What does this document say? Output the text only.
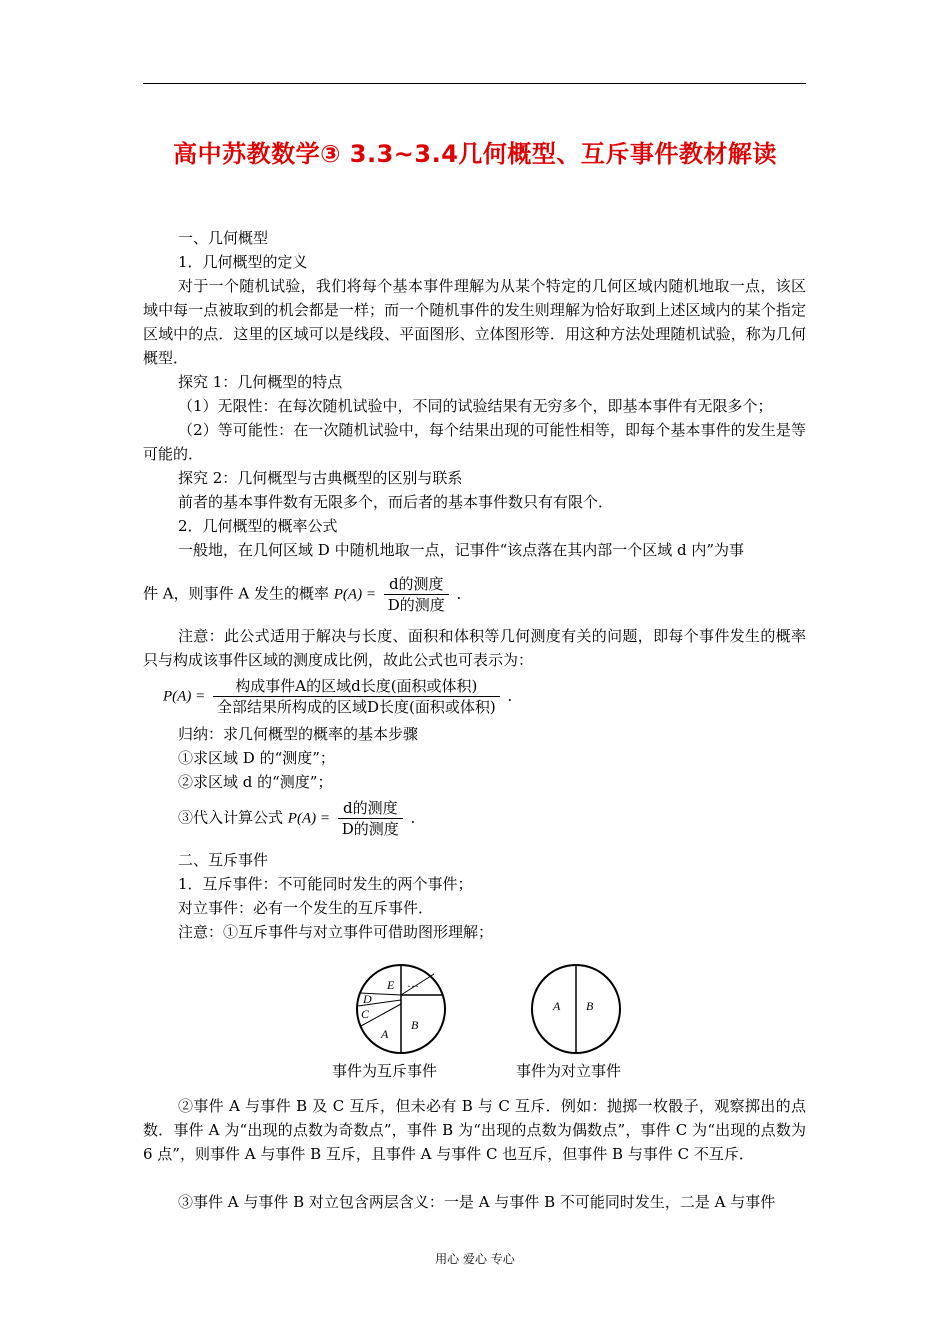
高中苏教数学③ 3.3~3.4几何概型、互斥事件教材解读
一、几何概型
1．几何概型的定义
对于一个随机试验，我们将每个基本事件理解为从某个特定的几何区域内随机地取一点，该区域中每一点被取到的机会都是一样；而一个随机事件的发生则理解为恰好取到上述区域内的某个指定区域中的点．这里的区域可以是线段、平面图形、立体图形等．用这种方法处理随机试验，称为几何概型．
探究 1：几何概型的特点
（1）无限性：在每次随机试验中，不同的试验结果有无穷多个，即基本事件有无限多个；
（2）等可能性：在一次随机试验中，每个结果出现的可能性相等，即每个基本事件的发生是等可能的．
探究 2：几何概型与古典概型的区别与联系
前者的基本事件数有无限多个，而后者的基本事件数只有有限个．
2．几何概型的概率公式
一般地，在几何区域 D 中随机地取一点，记事件“该点落在其内部一个区域 d 内”为事
件 A，则事件 A 发生的概率 $P(A) = \frac{\text{d的测度}}{\text{D的测度}}$ ．
注意：此公式适用于解决与长度、面积和体积等几何测度有关的问题，即每个事件发生的概率只与构成该事件区域的测度成比例，故此公式也可表示为：
$P(A) = \frac{\text{构成事件A的区域d长度(面积或体积)}}{\text{全部结果所构成的区域D长度(面积或体积)}}$ ．
归纳：求几何概型的概率的基本步骤
①求区域 D 的“测度”；
②求区域 d 的“测度”；
③代入计算公式 $P(A) = \frac{\text{d的测度}}{\text{D的测度}}$ ．
二、互斥事件
1．互斥事件：不可能同时发生的两个事件；
对立事件：必有一个发生的互斥事件．
注意：①互斥事件与对立事件可借助图形理解；
E …
D
C
A
B
A B
事件为互斥事件	事件为对立事件
②事件 A 与事件 B 及 C 互斥，但未必有 B 与 C 互斥．例如：抛掷一枚骰子，观察掷出的点数．事件 A 为“出现的点数为奇数点”，事件 B 为“出现的点数为偶数点”，事件 C 为“出现的点数为 6 点”，则事件 A 与事件 B 互斥，且事件 A 与事件 C 也互斥，但事件 B 与事件 C 不互斥．
③事件 A 与事件 B 对立包含两层含义：一是 A 与事件 B 不可能同时发生，二是 A 与事件
用心 爱心 专心
